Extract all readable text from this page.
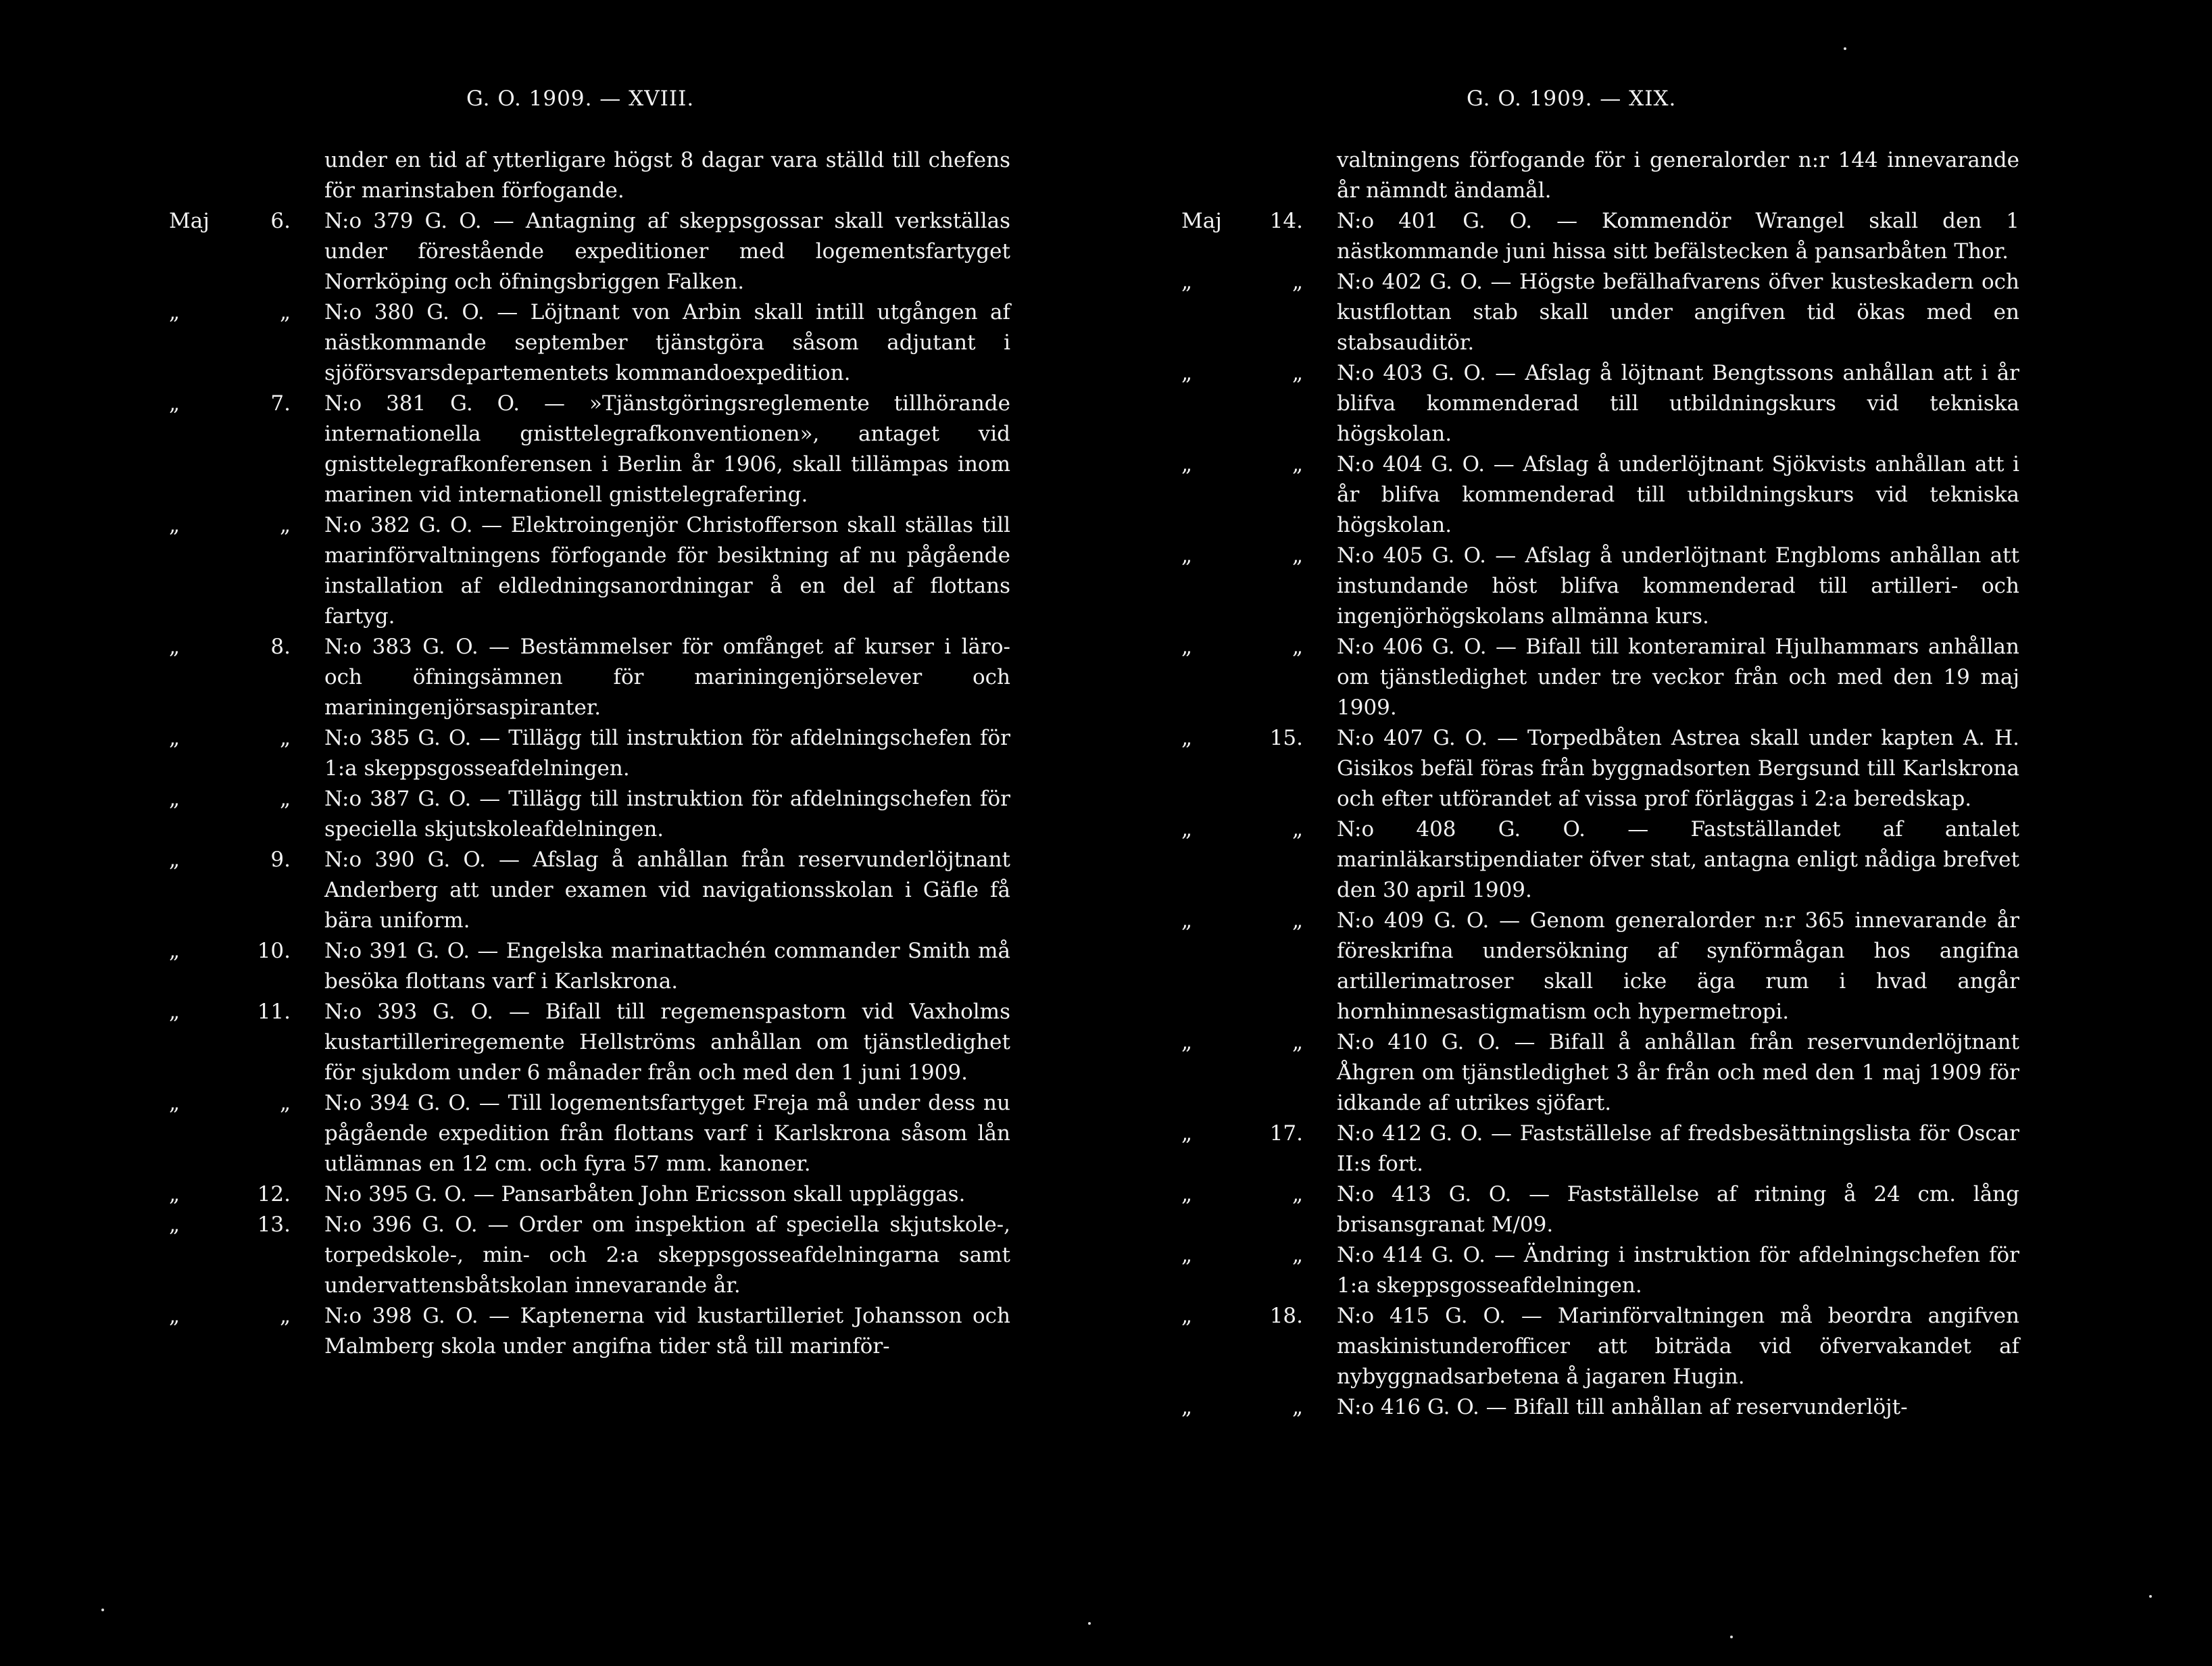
G. O. 1909. — XVIII.
under en tid af ytterligare högst 8 dagar vara ställd till chefens för marinstaben förfogande.
Maj	6. N:o 379 G. O. — Antagning af skeppsgossar skall verkställas under förestående expeditioner med logementsfartyget Norrköping och öfningsbriggen Falken.
„	„ N:o 380 G. O. — Löjtnant von Arbin skall intill utgången af nästkommande september tjänstgöra såsom adjutant i sjöförsvarsdepartementets kommandoexpedition.
„	7. N:o 381 G. O. — »Tjänstgöringsreglemente tillhörande internationella gnisttelegrafkonventionen», antaget vid gnisttelegrafkonferensen i Berlin år 1906, skall tillämpas inom marinen vid internationell gnisttelegrafering.
„	„ N:o 382 G. O. — Elektroingenjör Christofferson skall ställas till marinförvaltningens förfogande för besiktning af nu pågående installation af eldledningsanordningar å en del af flottans fartyg.
„	8. N:o 383 G. O. — Bestämmelser för omfånget af kurser i läro- och öfningsämnen för mariningenjörselever och mariningenjörsaspiranter.
„	„ N:o 385 G. O. — Tillägg till instruktion för afdelningschefen för 1:a skeppsgosseafdelningen.
„	„ N:o 387 G. O. — Tillägg till instruktion för afdelningschefen för speciella skjutskoleafdelningen.
„	9. N:o 390 G. O. — Afslag å anhållan från reservunderlöjtnant Anderberg att under examen vid navigationsskolan i Gäfle få bära uniform.
„	10. N:o 391 G. O. — Engelska marinattachén commander Smith må besöka flottans varf i Karlskrona.
„	11. N:o 393 G. O. — Bifall till regemenspastorn vid Vaxholms kustartilleriregemente Hellströms anhållan om tjänstledighet för sjukdom under 6 månader från och med den 1 juni 1909.
„	„ N:o 394 G. O. — Till logementsfartyget Freja må under dess nu pågående expedition från flottans varf i Karlskrona såsom lån utlämnas en 12 cm. och fyra 57 mm. kanoner.
„	12. N:o 395 G. O. — Pansarbåten John Ericsson skall uppläggas.
„	13. N:o 396 G. O. — Order om inspektion af speciella skjutskole-, torpedskole-, min- och 2:a skeppsgosseafdelningarna samt undervattensbåtskolan innevarande år.
„	„ N:o 398 G. O. — Kaptenerna vid kustartilleriet Johansson och Malmberg skola under angifna tider stå till marinför-
G. O. 1909. — XIX.
valtningens förfogande för i generalorder n:r 144 innevarande år nämndt ändamål.
Maj	14. N:o 401 G. O. — Kommendör Wrangel skall den 1 nästkommande juni hissa sitt befälstecken å pansarbåten Thor.
„	„ N:o 402 G. O. — Högste befälhafvarens öfver kusteskadern och kustflottan stab skall under angifven tid ökas med en stabsauditör.
„	„ N:o 403 G. O. — Afslag å löjtnant Bengtssons anhållan att i år blifva kommenderad till utbildningskurs vid tekniska högskolan.
„	„ N:o 404 G. O. — Afslag å underlöjtnant Sjökvists anhållan att i år blifva kommenderad till utbildningskurs vid tekniska högskolan.
„	„ N:o 405 G. O. — Afslag å underlöjtnant Engbloms anhållan att instundande höst blifva kommenderad till artilleri- och ingenjörhögskolans allmänna kurs.
„	„ N:o 406 G. O. — Bifall till konteramiral Hjulhammars anhållan om tjänstledighet under tre veckor från och med den 19 maj 1909.
„	15. N:o 407 G. O. — Torpedbåten Astrea skall under kapten A. H. Gisikos befäl föras från byggnadsorten Bergsund till Karlskrona och efter utförandet af vissa prof förläggas i 2:a beredskap.
„	„ N:o 408 G. O. — Fastställandet af antalet marinläkarstipendiater öfver stat, antagna enligt nådiga brefvet den 30 april 1909.
„	„ N:o 409 G. O. — Genom generalorder n:r 365 innevarande år föreskrifna undersökning af synförmågan hos angifna artillerimatroser skall icke äga rum i hvad angår hornhinnesastigmatism och hypermetropi.
„	„ N:o 410 G. O. — Bifall å anhållan från reservunderlöjtnant Åhgren om tjänstledighet 3 år från och med den 1 maj 1909 för idkande af utrikes sjöfart.
„	17. N:o 412 G. O. — Fastställelse af fredsbesättningslista för Oscar II:s fort.
„	„ N:o 413 G. O. — Fastställelse af ritning å 24 cm. lång brisansgranat M/09.
„	„ N:o 414 G. O. — Ändring i instruktion för afdelningschefen för 1:a skeppsgosseafdelningen.
„	18. N:o 415 G. O. — Marinförvaltningen må beordra angifven maskinistunderofficer att biträda vid öfvervakandet af nybyggnadsarbetena å jagaren Hugin.
„	„ N:o 416 G. O. — Bifall till anhållan af reservunderlöjt-
